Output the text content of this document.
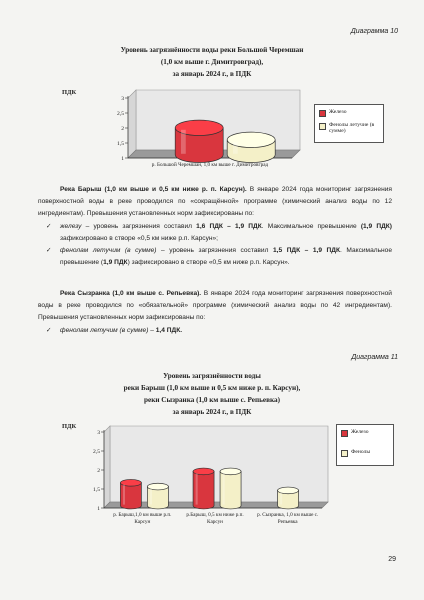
Диаграмма 10
Уровень загрязнённости воды реки Большой Черемшан
(1,0 км выше г. Димитровград),
за январь 2024 г., в ПДК
ПДК
3
2,5
2
1,5
1
р. Большой Черемшан, 1,0 км выше г. Димитровград
Железо
Фенолы летучие (в сумме)

Река Барыш (1,0 км выше и 0,5 км ниже р. п. Карсун). В январе 2024 года мониторинг загрязнения поверхностной воды в реке проводился по «сокращённой» программе (химический анализ воды по 12 ингредиентам). Превышения установленных норм зафиксированы по:

✓ железу – уровень загрязнения составил 1,6 ПДК – 1,9 ПДК. Максимальное превышение (1,9 ПДК) зафиксировано в створе «0,5 км ниже р.п. Карсун»;

✓ фенолам летучим (в сумме) – уровень загрязнения составил 1,5 ПДК – 1,9 ПДК. Максимальное превышение (1,9 ПДК) зафиксировано в створе «0,5 км ниже р.п. Карсун».

Река Сызранка (1,0 км выше с. Репьевка). В январе 2024 года мониторинг загрязнения поверхностной воды в реке проводился по «обязательной» программе (химический анализ воды по 42 ингредиентам). Превышения установленных норм зафиксированы по:

✓ фенолам летучим (в сумме) – 1,4 ПДК.

Диаграмма 11
Уровень загрязнённости воды
реки Барыш (1,0 км выше и 0,5 км ниже р. п. Карсун),
реки Сызранка (1,0 км выше с. Репьевка)
за январь 2024 г., в ПДК
ПДК
3
2,5
2
1,5
1
р. Барыш,1,0 км выше р.п.
Карсун
р.Барыш, 0,5 км ниже р.п.
Карсун
р. Сызранка, 1,0 км выше с.
Репьевка
Железо
Фенолы
29
